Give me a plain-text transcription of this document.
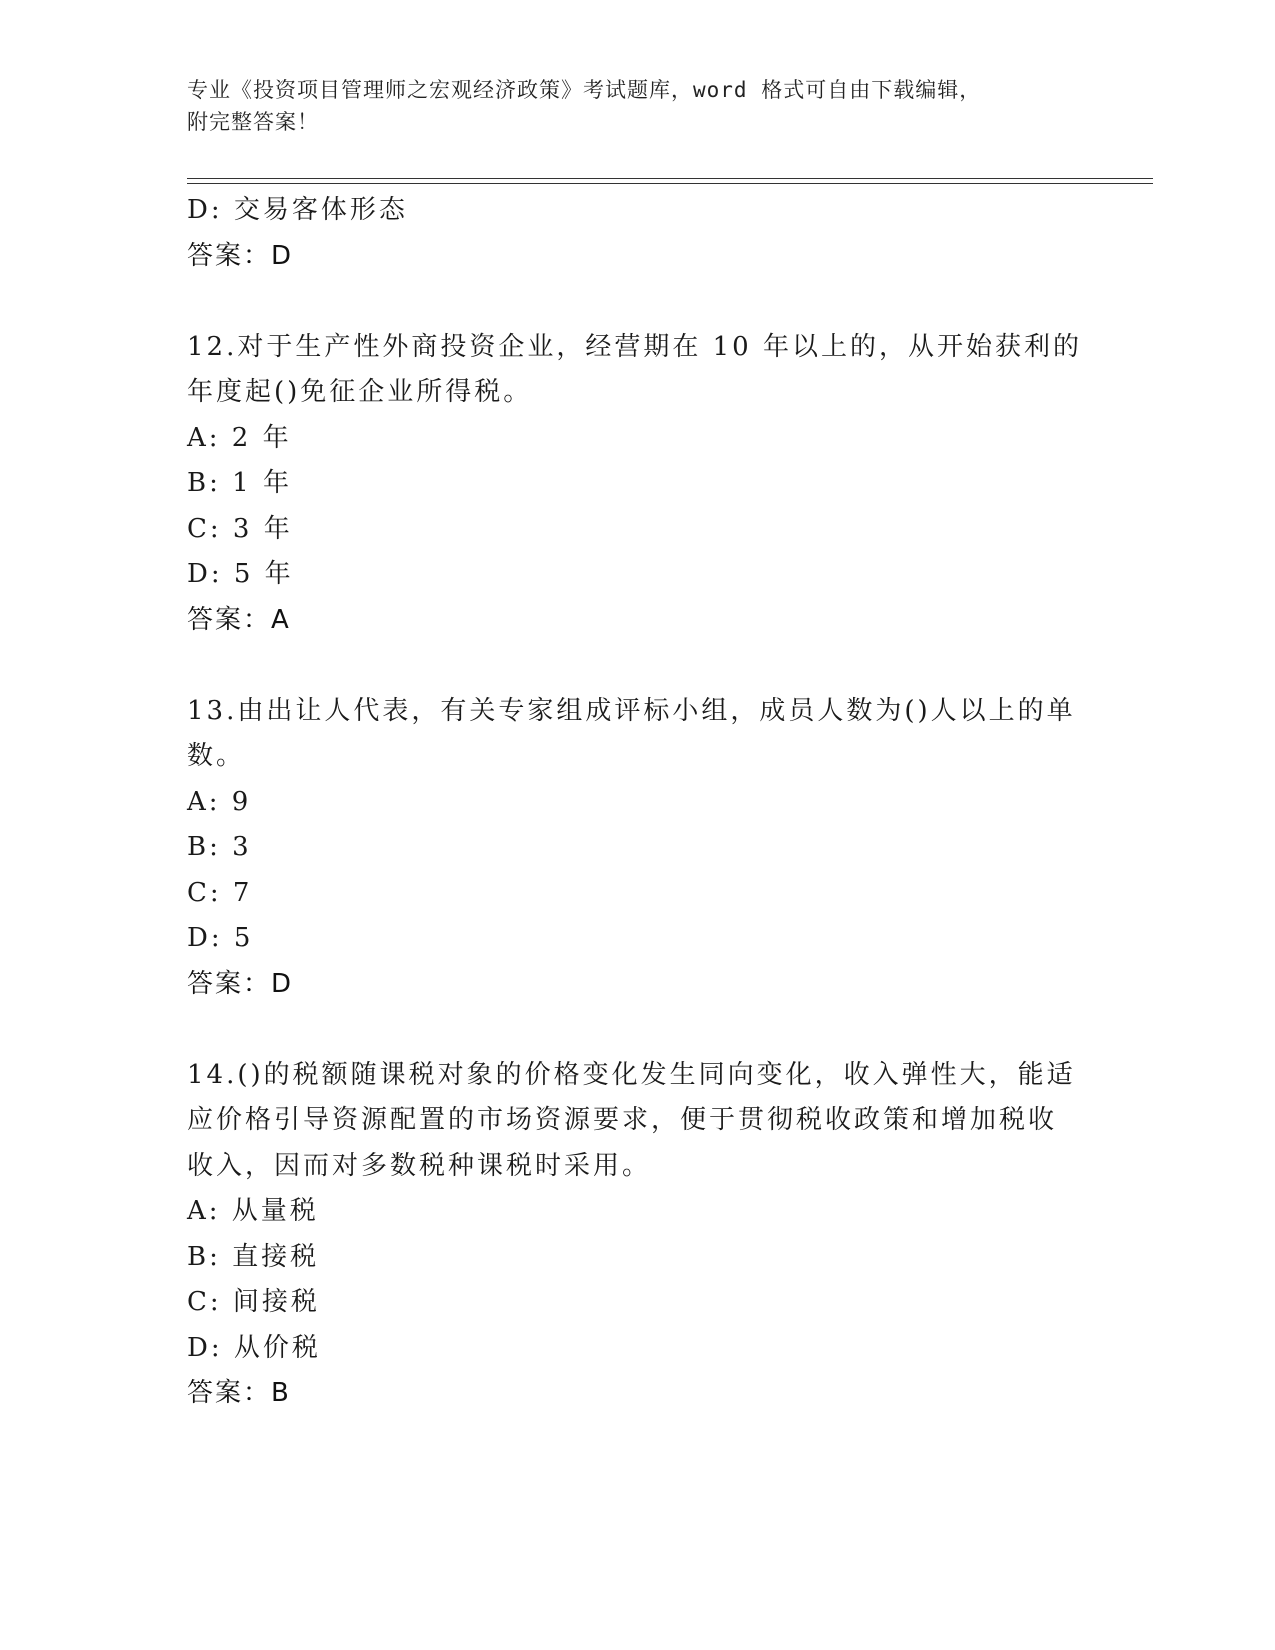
专业《投资项目管理师之宏观经济政策》考试题库，word 格式可自由下载编辑，
附完整答案！
D: 交易客体形态
答案：D
12.对于生产性外商投资企业，经营期在 10 年以上的，从开始获利的
年度起()免征企业所得税。
A: 2 年
B: 1 年
C: 3 年
D: 5 年
答案：A
13.由出让人代表，有关专家组成评标小组，成员人数为()人以上的单
数。
A: 9
B: 3
C: 7
D: 5
答案：D
14.()的税额随课税对象的价格变化发生同向变化，收入弹性大，能适
应价格引导资源配置的市场资源要求，便于贯彻税收政策和增加税收
收入，因而对多数税种课税时采用。
A: 从量税
B: 直接税
C: 间接税
D: 从价税
答案：B
